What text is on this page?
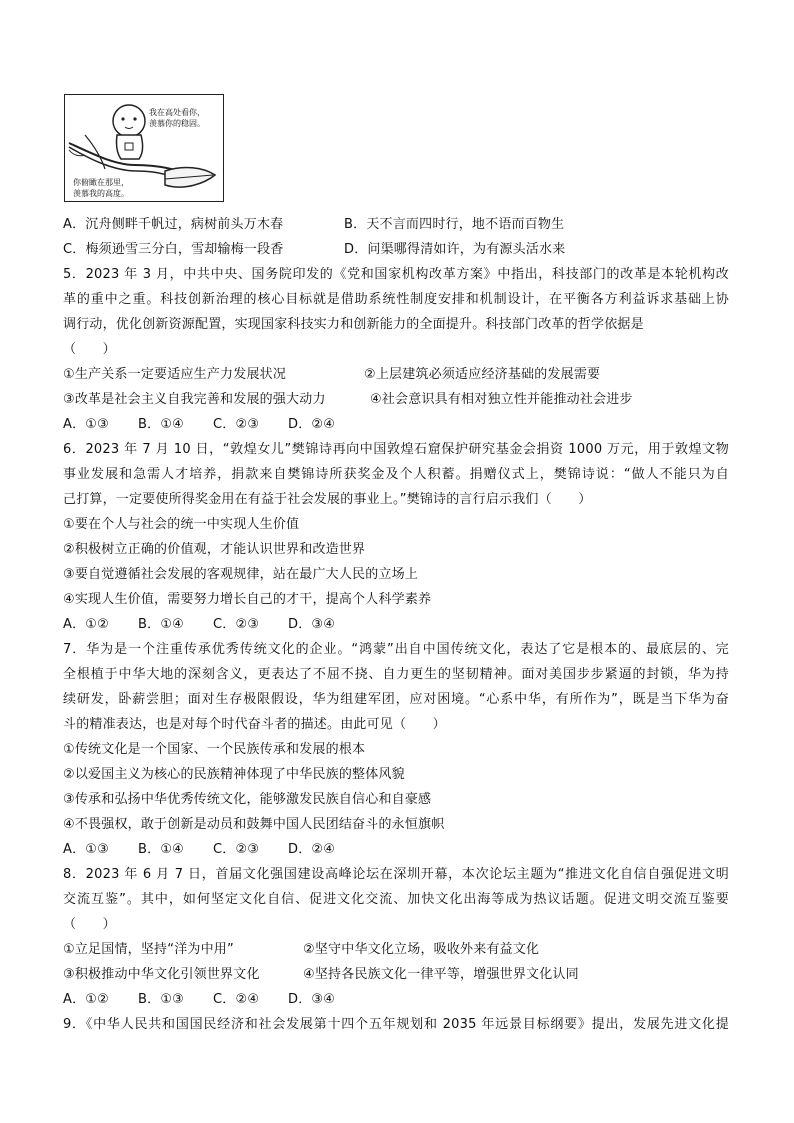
我在高处看你，
羡慕你的稳固。
你俯瞰在那里，
羡慕我的高度。
A．沉舟侧畔千帆过，病树前头万木春	B．天不言而四时行，地不语而百物生
C．梅须逊雪三分白，雪却输梅一段香	D．问渠哪得清如许，为有源头活水来
5．2023 年 3 月，中共中央、国务院印发的《党和国家机构改革方案》中指出，科技部门的改革是本轮机构改
革的重中之重。科技创新治理的核心目标就是借助系统性制度安排和机制设计，在平衡各方利益诉求基础上协
调行动，优化创新资源配置，实现国家科技实力和创新能力的全面提升。科技部门改革的哲学依据是
（　　）
①生产关系一定要适应生产力发展状况	②上层建筑必须适应经济基础的发展需要
③改革是社会主义自我完善和发展的强大动力	④社会意识具有相对独立性并能推动社会进步
A．①③ B．①④ C．②③ D．②④
6．2023 年 7 月 10 日，“敦煌女儿”樊锦诗再向中国敦煌石窟保护研究基金会捐资 1000 万元，用于敦煌文物
事业发展和急需人才培养，捐款来自樊锦诗所获奖金及个人积蓄。捐赠仪式上，樊锦诗说：“做人不能只为自
己打算，一定要使所得奖金用在有益于社会发展的事业上。”樊锦诗的言行启示我们（　　）
①要在个人与社会的统一中实现人生价值
②积极树立正确的价值观，才能认识世界和改造世界
③要自觉遵循社会发展的客观规律，站在最广大人民的立场上
④实现人生价值，需要努力增长自己的才干，提高个人科学素养
A．①② B．①④ C．②③ D．③④
7．华为是一个注重传承优秀传统文化的企业。“鸿蒙”出自中国传统文化，表达了它是根本的、最底层的、完
全根植于中华大地的深刻含义，更表达了不屈不挠、自力更生的坚韧精神。面对美国步步紧逼的封锁，华为持
续研发，卧薪尝胆；面对生存极限假设，华为组建军团，应对困境。“心系中华，有所作为”，既是当下华为奋
斗的精准表达，也是对每个时代奋斗者的描述。由此可见（　　）
①传统文化是一个国家、一个民族传承和发展的根本
②以爱国主义为核心的民族精神体现了中华民族的整体风貌
③传承和弘扬中华优秀传统文化，能够激发民族自信心和自豪感
④不畏强权，敢于创新是动员和鼓舞中国人民团结奋斗的永恒旗帜
A．①③ B．①④ C．②③ D．②④
8．2023 年 6 月 7 日，首届文化强国建设高峰论坛在深圳开幕，本次论坛主题为“推进文化自信自强促进文明
交流互鉴”。其中，如何坚定文化自信、促进文化交流、加快文化出海等成为热议话题。促进文明交流互鉴要
（　　）
①立足国情，坚持“洋为中用”	②坚守中华文化立场，吸收外来有益文化
③积极推动中华文化引领世界文化	④坚持各民族文化一律平等，增强世界文化认同
A．①② B．①③ C．②④ D．③④
9．《中华人民共和国国民经济和社会发展第十四个五年规划和 2035 年远景目标纲要》提出，发展先进文化提
